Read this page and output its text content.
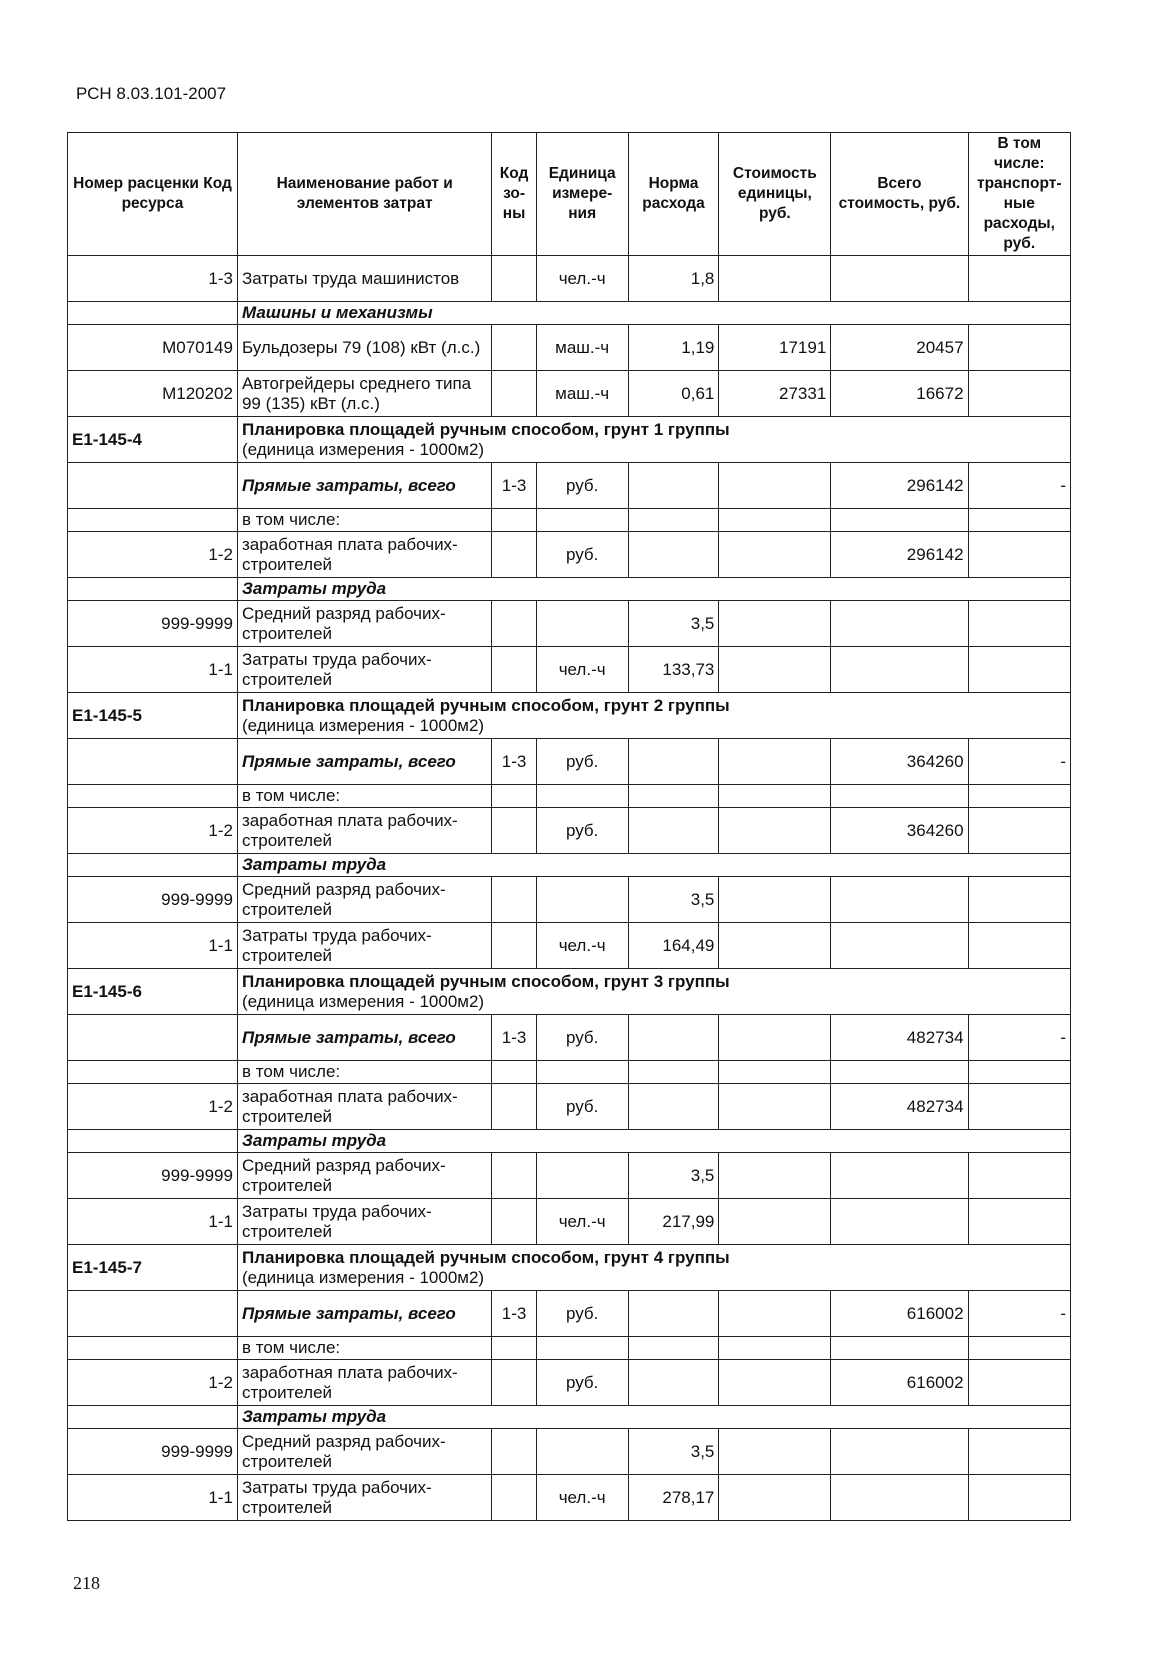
РСН 8.03.101-2007
Номер расценки Код ресурса	Наименование работ и элементов затрат	Код зо-ны	Единица измере-ния	Норма расхода	Стоимость единицы, руб.	Всего стоимость, руб.	В том числе: транспорт-ные расходы, руб.
1-3	Затраты труда машинистов		чел.-ч	1,8			
	Машины и механизмы						
М070149	Бульдозеры 79 (108) кВт (л.с.)		маш.-ч	1,19	17191	20457	
М120202	Автогрейдеры среднего типа 99 (135) кВт (л.с.)		маш.-ч	0,61	27331	16672	
Е1-145-4	Планировка площадей ручным способом, грунт 1 группы
(единица измерения - 1000м2)						

	Прямые затраты, всего	1-3	руб.			296142	-
	в том числе:						
1-2	заработная плата рабочих-строителей		руб.			296142	
	Затраты труда						
999-9999	Средний разряд рабочих-строителей			3,5			
1-1	Затраты труда рабочих-строителей		чел.-ч	133,73			
Е1-145-5	Планировка площадей ручным способом, грунт 2 группы
(единица измерения - 1000м2)						

	Прямые затраты, всего	1-3	руб.			364260	-
	в том числе:						
1-2	заработная плата рабочих-строителей		руб.			364260	
	Затраты труда						
999-9999	Средний разряд рабочих-строителей			3,5			
1-1	Затраты труда рабочих-строителей		чел.-ч	164,49			
Е1-145-6	Планировка площадей ручным способом, грунт 3 группы
(единица измерения - 1000м2)						

	Прямые затраты, всего	1-3	руб.			482734	-
	в том числе:						
1-2	заработная плата рабочих-строителей		руб.			482734	
	Затраты труда						
999-9999	Средний разряд рабочих-строителей			3,5			
1-1	Затраты труда рабочих-строителей		чел.-ч	217,99			
Е1-145-7	Планировка площадей ручным способом, грунт 4 группы
(единица измерения - 1000м2)						

	Прямые затраты, всего	1-3	руб.			616002	-
	в том числе:						
1-2	заработная плата рабочих-строителей		руб.			616002	
	Затраты труда						
999-9999	Средний разряд рабочих-строителей			3,5			
1-1	Затраты труда рабочих-строителей		чел.-ч	278,17			
218
